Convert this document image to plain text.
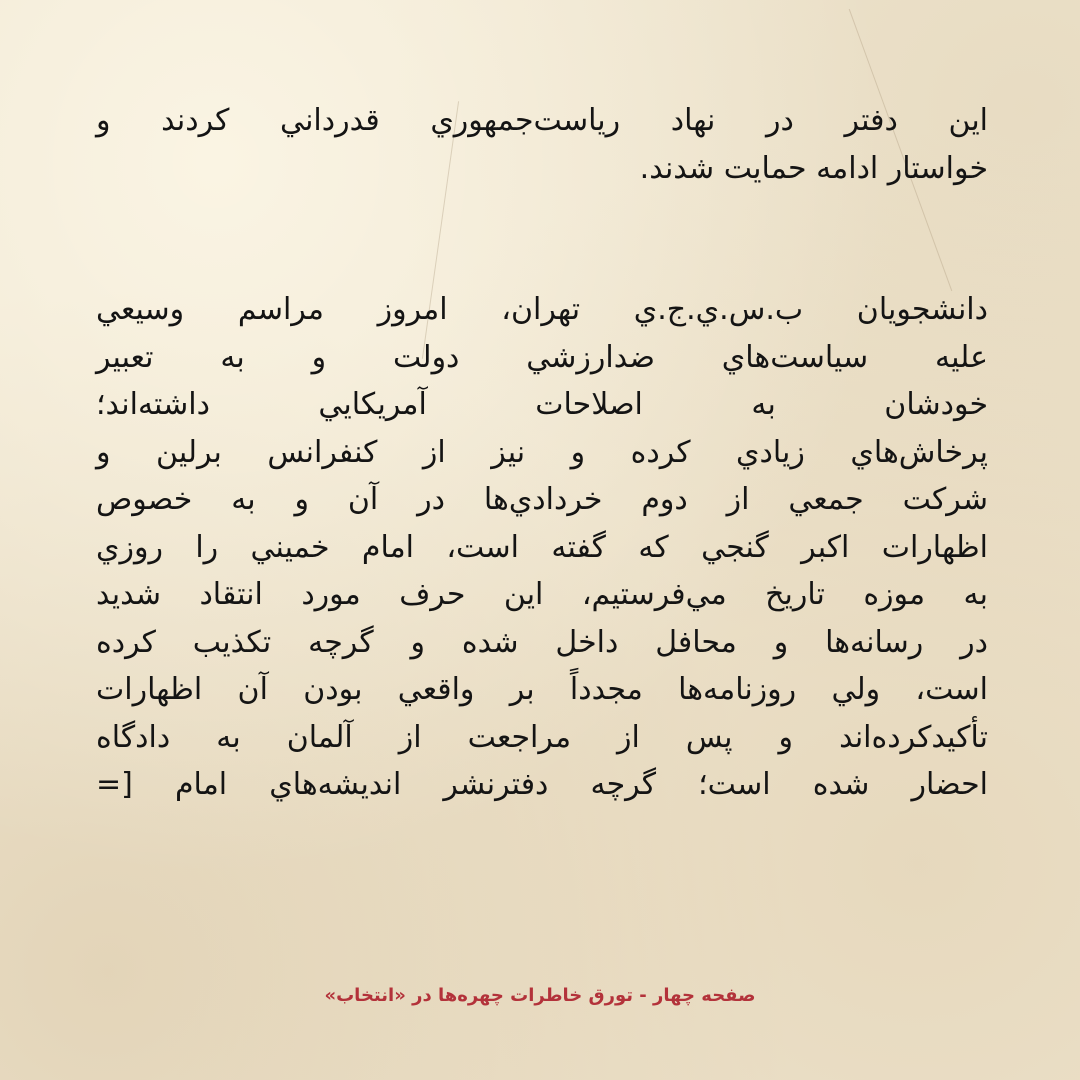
اين دفتر در نهاد رياست‌جمهوري قدرداني كردند و
خواستار ادامه حمايت شدند.
دانشجويان ب.س.ي.ج.ي تهران، امروز مراسم وسيعي
عليه سياست‌هاي ضدارزشي دولت و به تعبير
خودشان به اصلاحات آمريكايي داشته‌اند؛
پرخاش‌هاي زيادي كرده و نيز از كنفرانس برلين و
شركت جمعي از دوم خردادي‌ها در آن و به خصوص
اظهارات اكبر گنجي كه گفته است، امام خميني را روزي
به موزه تاريخ مي‌فرستيم، اين حرف مورد انتقاد شديد
در رسانه‌ها و محافل داخل شده و گرچه تكذيب كرده
است، ولي روزنامه‌ها مجدداً بر واقعي بودن آن اظهارات
تأكيدكرده‌اند و پس از مراجعت از آلمان به دادگاه
احضار شده است؛ گرچه دفترنشر انديشه‌هاي امام [=
صفحه چهار - تورق خاطرات چهره‌ها در «انتخاب»
